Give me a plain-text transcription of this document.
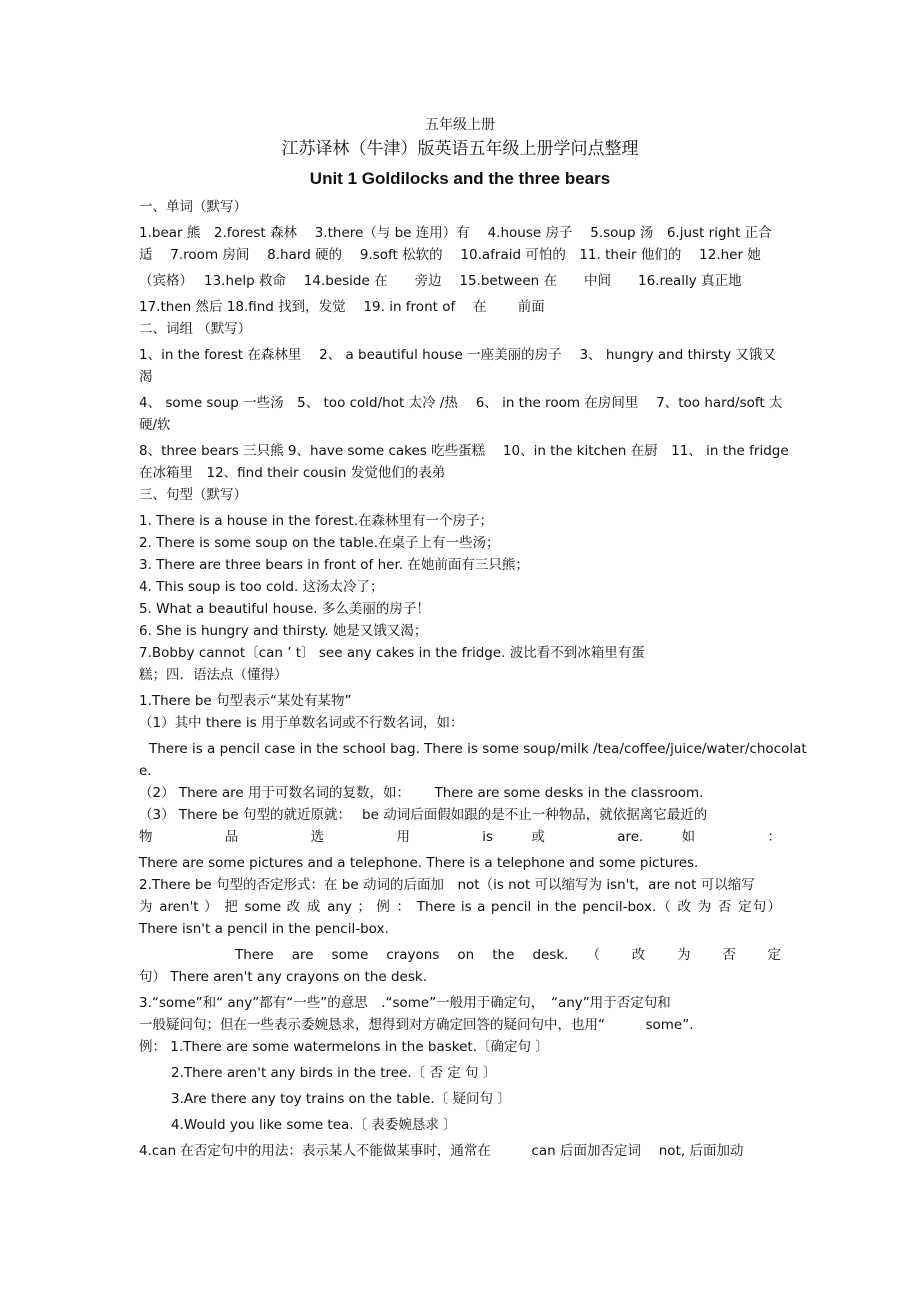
五年级上册

江苏译林（牛津）版英语五年级上册学问点整理

Unit 1 Goldilocks and the three bears

一、单词（默写）

1.bear 熊　2.forest 森林　 3.there（与 be 连用）有　 4.house 房子　 5.soup 汤　6.just right 正合

适　 7.room 房间　 8.hard 硬的　 9.soft 松软的　 10.afraid 可怕的　11. their 他们的　 12.her 她

（宾格）　 13.help 救命　 14.beside 在　　旁边　 15.between 在　　中间　　16.really 真正地

17.then 然后 18.find 找到，发觉　 19. in front of 　在　　 前面

二、词组 （默写）

1、in the forest 在森林里　 2、 a beautiful house 一座美丽的房子　 3、 hungry and thirsty 又饿又

渴

4、 some soup 一些汤　5、 too cold/hot 太冷 /热　 6、 in the room 在房间里　 7、too hard/soft 太

硬/软

8、three bears 三只熊 9、have some cakes 吃些蛋糕　 10、in the kitchen 在厨　11、 in the fridge

在冰箱里　12、find their cousin 发觉他们的表弟

三、句型（默写）

1. There is a house in the forest.在森林里有一个房子；

2. There is some soup on the table.在桌子上有一些汤；

3. There are three bears in front of her. 在她前面有三只熊；

4. This soup is too cold. 这汤太冷了；

5. What a beautiful house. 多么美丽的房子！

6. She is hungry and thirsty. 她是又饿又渴；

7.Bobby cannot〔can ’ t〕 see any cakes in the fridge. 波比看不到冰箱里有蛋

糕；四．语法点（懂得）

1.There be 句型表示“某处有某物”

（1）其中 there is 用于单数名词或不行数名词，如：

There is a pencil case in the school bag. There is some soup/milk /tea/coffee/juice/water/chocolat

e.

（2） There are 用于可数名词的复数，如：　　 There are some desks in the classroom.

（3） There be 句型的就近原就：　 be 动词后面假如跟的是不止一种物品，就依据离它最近的

物 品 选 用 is 或 are. 如 ：

There are some pictures and a telephone. There is a telephone and some pictures.

2.There be 句型的否定形式：在 be 动词的后面加　not（is not 可以缩写为 isn't，are not 可以缩写

为 aren't ） 把 some 改 成 any ； 例 ： There is a pencil in the pencil-box.（ 改 为 否 定句）

There isn't a pencil in the pencil-box.

There are some crayons on the desk. （ 改 为 否 定

句） There aren't any crayons on the desk.

3.“some”和“ any”都有“一些”的意思　.“some”一般用于确定句，　“any”用于否定句和

一般疑问句；但在一些表示委婉恳求，想得到对方确定回答的疑问句中，也用“　　　some”.

例： 1.There are some watermelons in the basket.〔确定句 〕

2.There aren't any birds in the tree.〔 否 定 句 〕

3.Are there any toy trains on the table.〔 疑问句 〕

4.Would you like some tea.〔 表委婉恳求 〕

4.can 在否定句中的用法：表示某人不能做某事时，通常在　　　can 后面加否定词　 not, 后面加动
